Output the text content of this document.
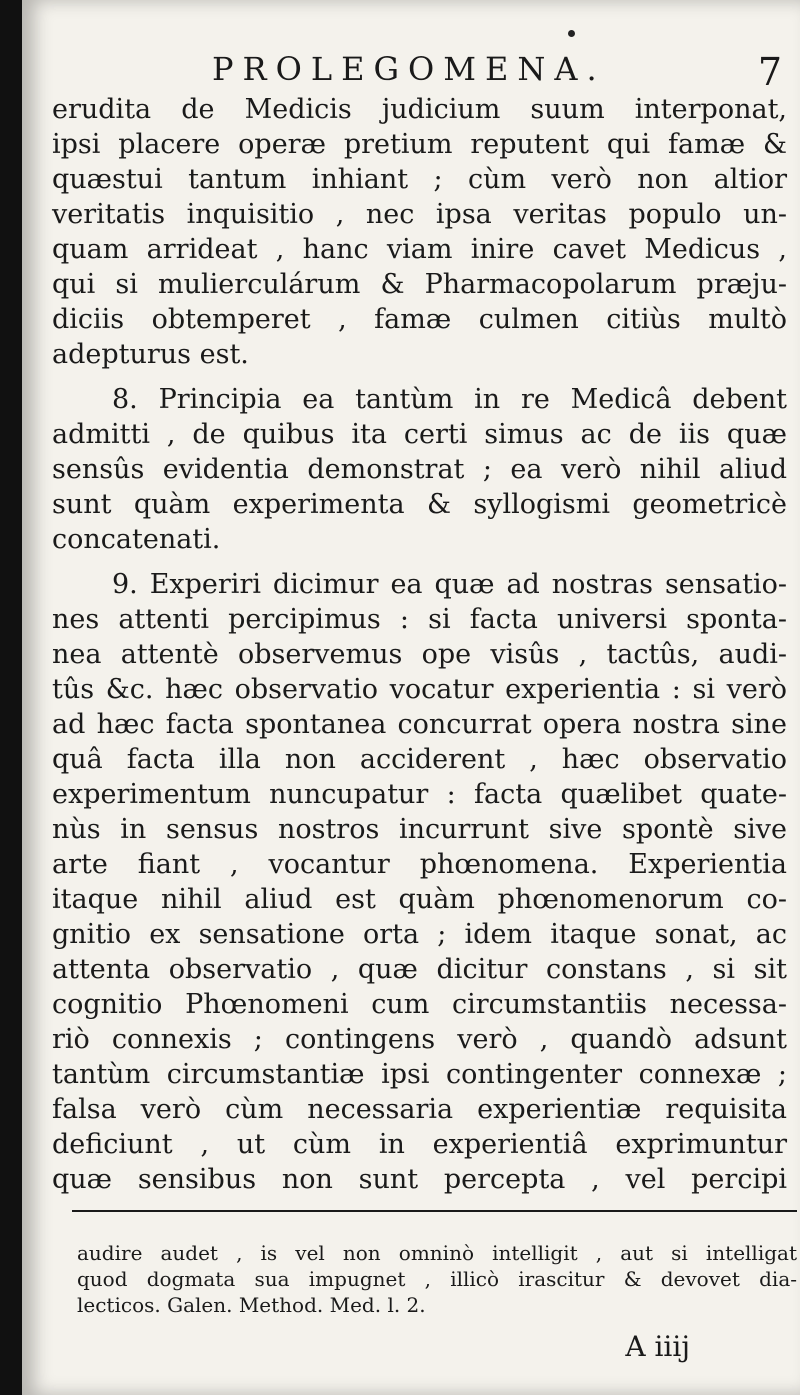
PROLEGOMENA.	7
erudita de Medicis judicium suum interponat,
ipsi placere operæ pretium reputent qui famæ &
quæstui tantum inhiant ; cùm verò non altior
veritatis inquisitio , nec ipsa veritas populo un-
quam arrideat , hanc viam inire cavet Medicus ,
qui si mulierculárum & Pharmacopolarum præju-
diciis obtemperet , famæ culmen citiùs multò
adepturus est.
8. Principia ea tantùm in re Medicâ debent
admitti , de quibus ita certi simus ac de iis quæ
sensûs evidentia demonstrat ; ea verò nihil aliud
sunt quàm experimenta & syllogismi geometricè
concatenati.
9. Experiri dicimur ea quæ ad nostras sensatio-
nes attenti percipimus : si facta universi sponta-
nea attentè observemus ope visûs , tactûs, audi-
tûs &c. hæc observatio vocatur experientia : si verò
ad hæc facta spontanea concurrat opera nostra sine
quâ facta illa non acciderent , hæc observatio
experimentum nuncupatur : facta quælibet quate-
nùs in sensus nostros incurrunt sive spontè sive
arte fiant , vocantur phœnomena. Experientia
itaque nihil aliud est quàm phœnomenorum co-
gnitio ex sensatione orta ; idem itaque sonat, ac
attenta observatio , quæ dicitur constans , si sit
cognitio Phœnomeni cum circumstantiis necessa-
riò connexis ; contingens verò , quandò adsunt
tantùm circumstantiæ ipsi contingenter connexæ ;
falsa verò cùm necessaria experientiæ requisita
deficiunt , ut cùm in experientiâ exprimuntur
quæ sensibus non sunt percepta , vel percipi
audire audet , is vel non omninò intelligit , aut si intelligat
quod dogmata sua impugnet , illicò irascitur & devovet dia-
lecticos. Galen. Method. Med. l. 2.
A iiij
